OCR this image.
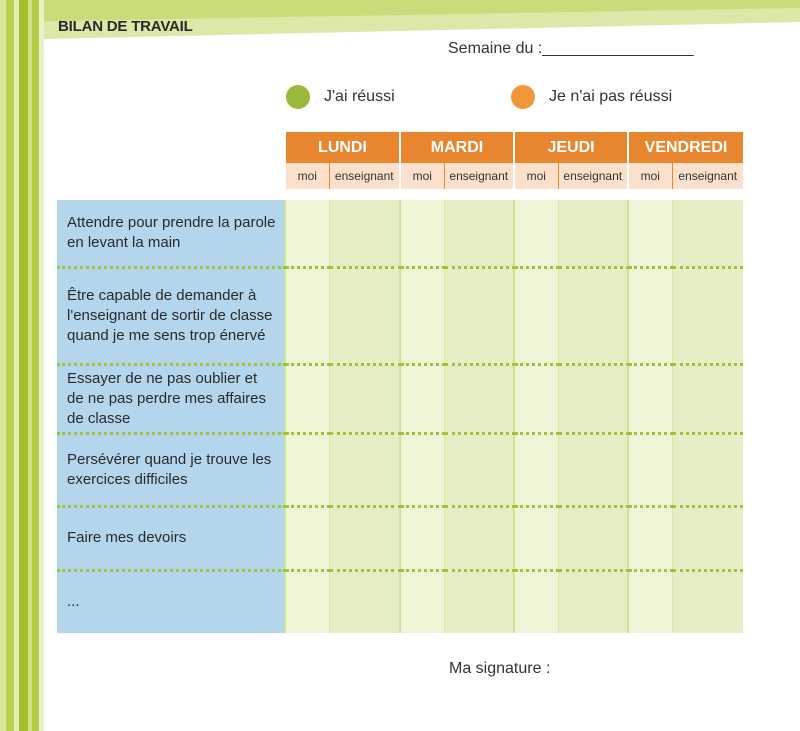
BILAN DE TRAVAIL
Semaine du :_________________
J'ai réussi	Je n'ai pas réussi
	LUNDI		MARDI		JEUDI		VENDREDI	
	moi	enseignant	moi	enseignant	moi	enseignant	moi	enseignant

Attendre pour prendre la parole en levant la main								
Être capable de demander à l'enseignant de sortir de classe quand je me sens trop énervé								
Essayer de ne pas oublier et de ne pas perdre mes affaires de classe								
Persévérer quand je trouve les exercices difficiles								
Faire mes devoirs								
...								
Ma signature :
